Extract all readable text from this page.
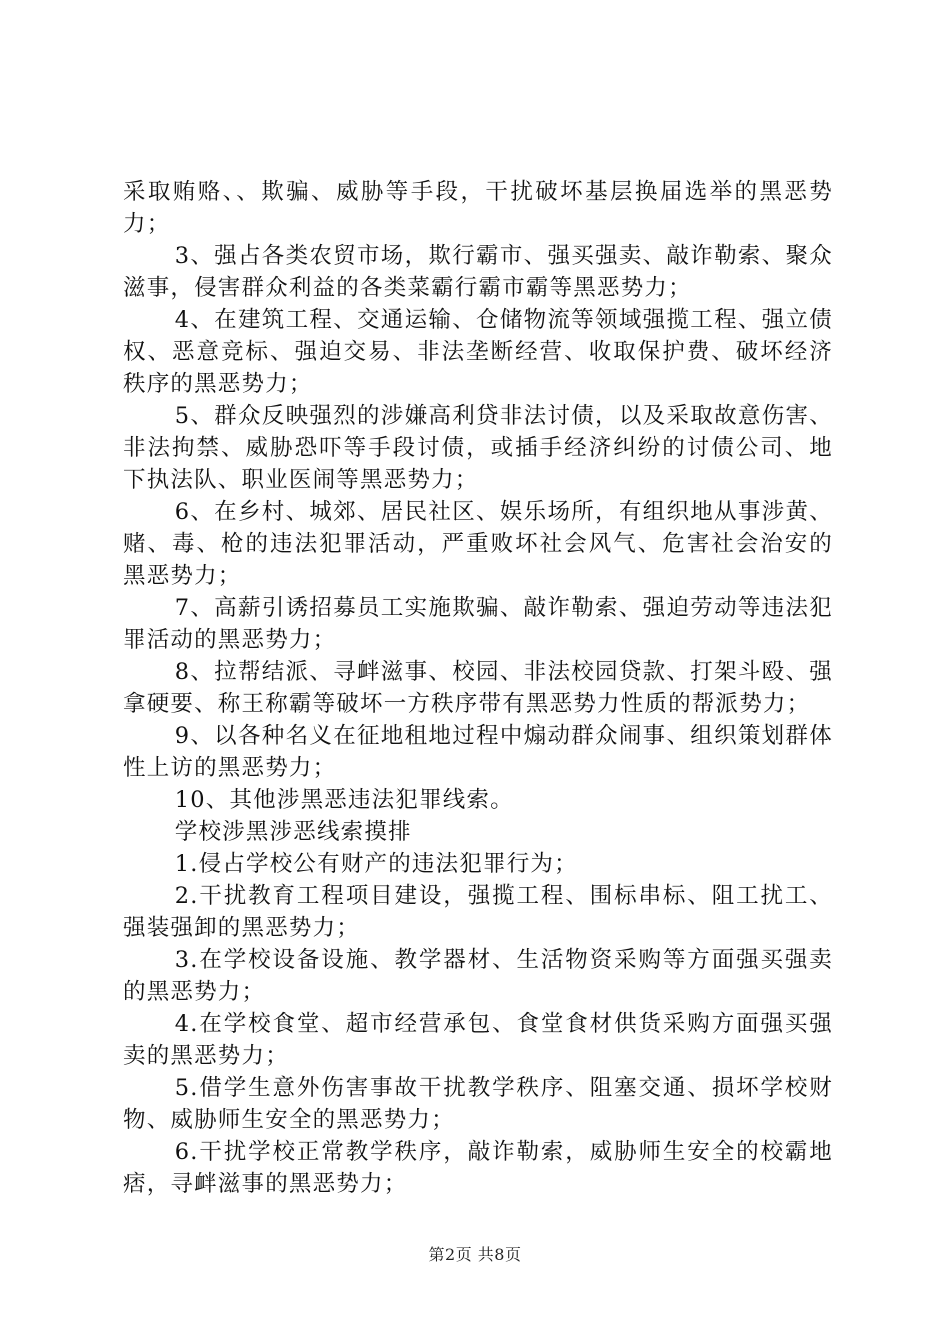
采取贿赂、、欺骗、威胁等手段，干扰破坏基层换届选举的黑恶势力；

3、强占各类农贸市场，欺行霸市、强买强卖、敲诈勒索、聚众滋事，侵害群众利益的各类菜霸行霸市霸等黑恶势力；

4、在建筑工程、交通运输、仓储物流等领域强揽工程、强立债权、恶意竞标、强迫交易、非法垄断经营、收取保护费、破坏经济秩序的黑恶势力；

5、群众反映强烈的涉嫌高利贷非法讨债，以及采取故意伤害、非法拘禁、威胁恐吓等手段讨债，或插手经济纠纷的讨债公司、地下执法队、职业医闹等黑恶势力；

6、在乡村、城郊、居民社区、娱乐场所，有组织地从事涉黄、赌、毒、枪的违法犯罪活动，严重败坏社会风气、危害社会治安的黑恶势力；

7、高薪引诱招募员工实施欺骗、敲诈勒索、强迫劳动等违法犯罪活动的黑恶势力；

8、拉帮结派、寻衅滋事、校园、非法校园贷款、打架斗殴、强拿硬要、称王称霸等破坏一方秩序带有黑恶势力性质的帮派势力；

9、以各种名义在征地租地过程中煽动群众闹事、组织策划群体性上访的黑恶势力；

10、其他涉黑恶违法犯罪线索。

学校涉黑涉恶线索摸排

1.侵占学校公有财产的违法犯罪行为；

2.干扰教育工程项目建设，强揽工程、围标串标、阻工扰工、强装强卸的黑恶势力；

3.在学校设备设施、教学器材、生活物资采购等方面强买强卖的黑恶势力；

4.在学校食堂、超市经营承包、食堂食材供货采购方面强买强卖的黑恶势力；

5.借学生意外伤害事故干扰教学秩序、阻塞交通、损坏学校财物、威胁师生安全的黑恶势力；

6.干扰学校正常教学秩序，敲诈勒索，威胁师生安全的校霸地痞，寻衅滋事的黑恶势力；

第2页 共8页
